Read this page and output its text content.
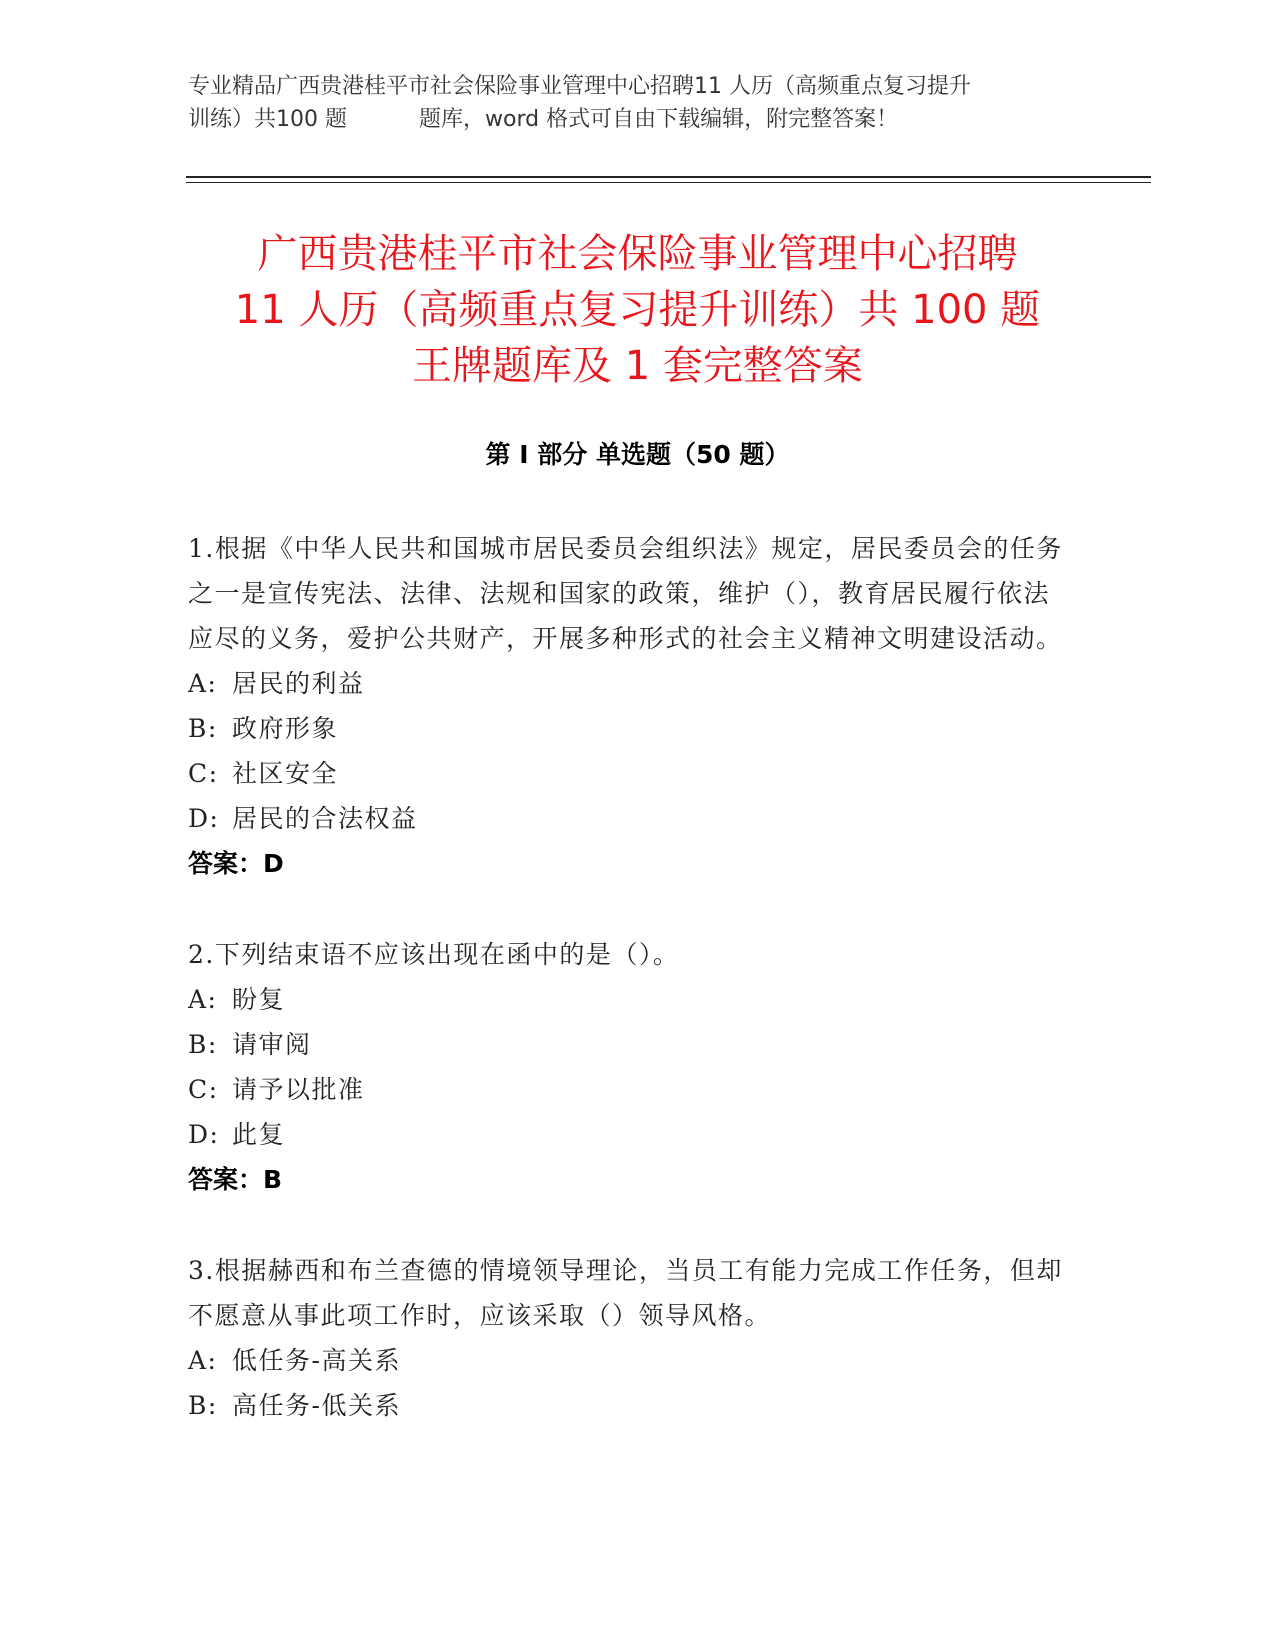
专业精品广西贵港桂平市社会保险事业管理中心招聘11 人历（高频重点复习提升
训练）共100 题	题库，word 格式可自由下载编辑，附完整答案！
广西贵港桂平市社会保险事业管理中心招聘
11 人历（高频重点复习提升训练）共 100 题
王牌题库及 1 套完整答案
第 I 部分 单选题（50 题）
1.根据《中华人民共和国城市居民委员会组织法》规定，居民委员会的任务之一是宣传宪法、法律、法规和国家的政策，维护（），教育居民履行依法应尽的义务，爱护公共财产，开展多种形式的社会主义精神文明建设活动。
A: 居民的利益
B: 政府形象
C: 社区安全
D: 居民的合法权益
答案：D
2.下列结束语不应该出现在函中的是（）。
A: 盼复
B: 请审阅
C: 请予以批准
D: 此复
答案：B
3.根据赫西和布兰查德的情境领导理论，当员工有能力完成工作任务，但却不愿意从事此项工作时，应该采取（）领导风格。
A: 低任务-高关系
B: 高任务-低关系
